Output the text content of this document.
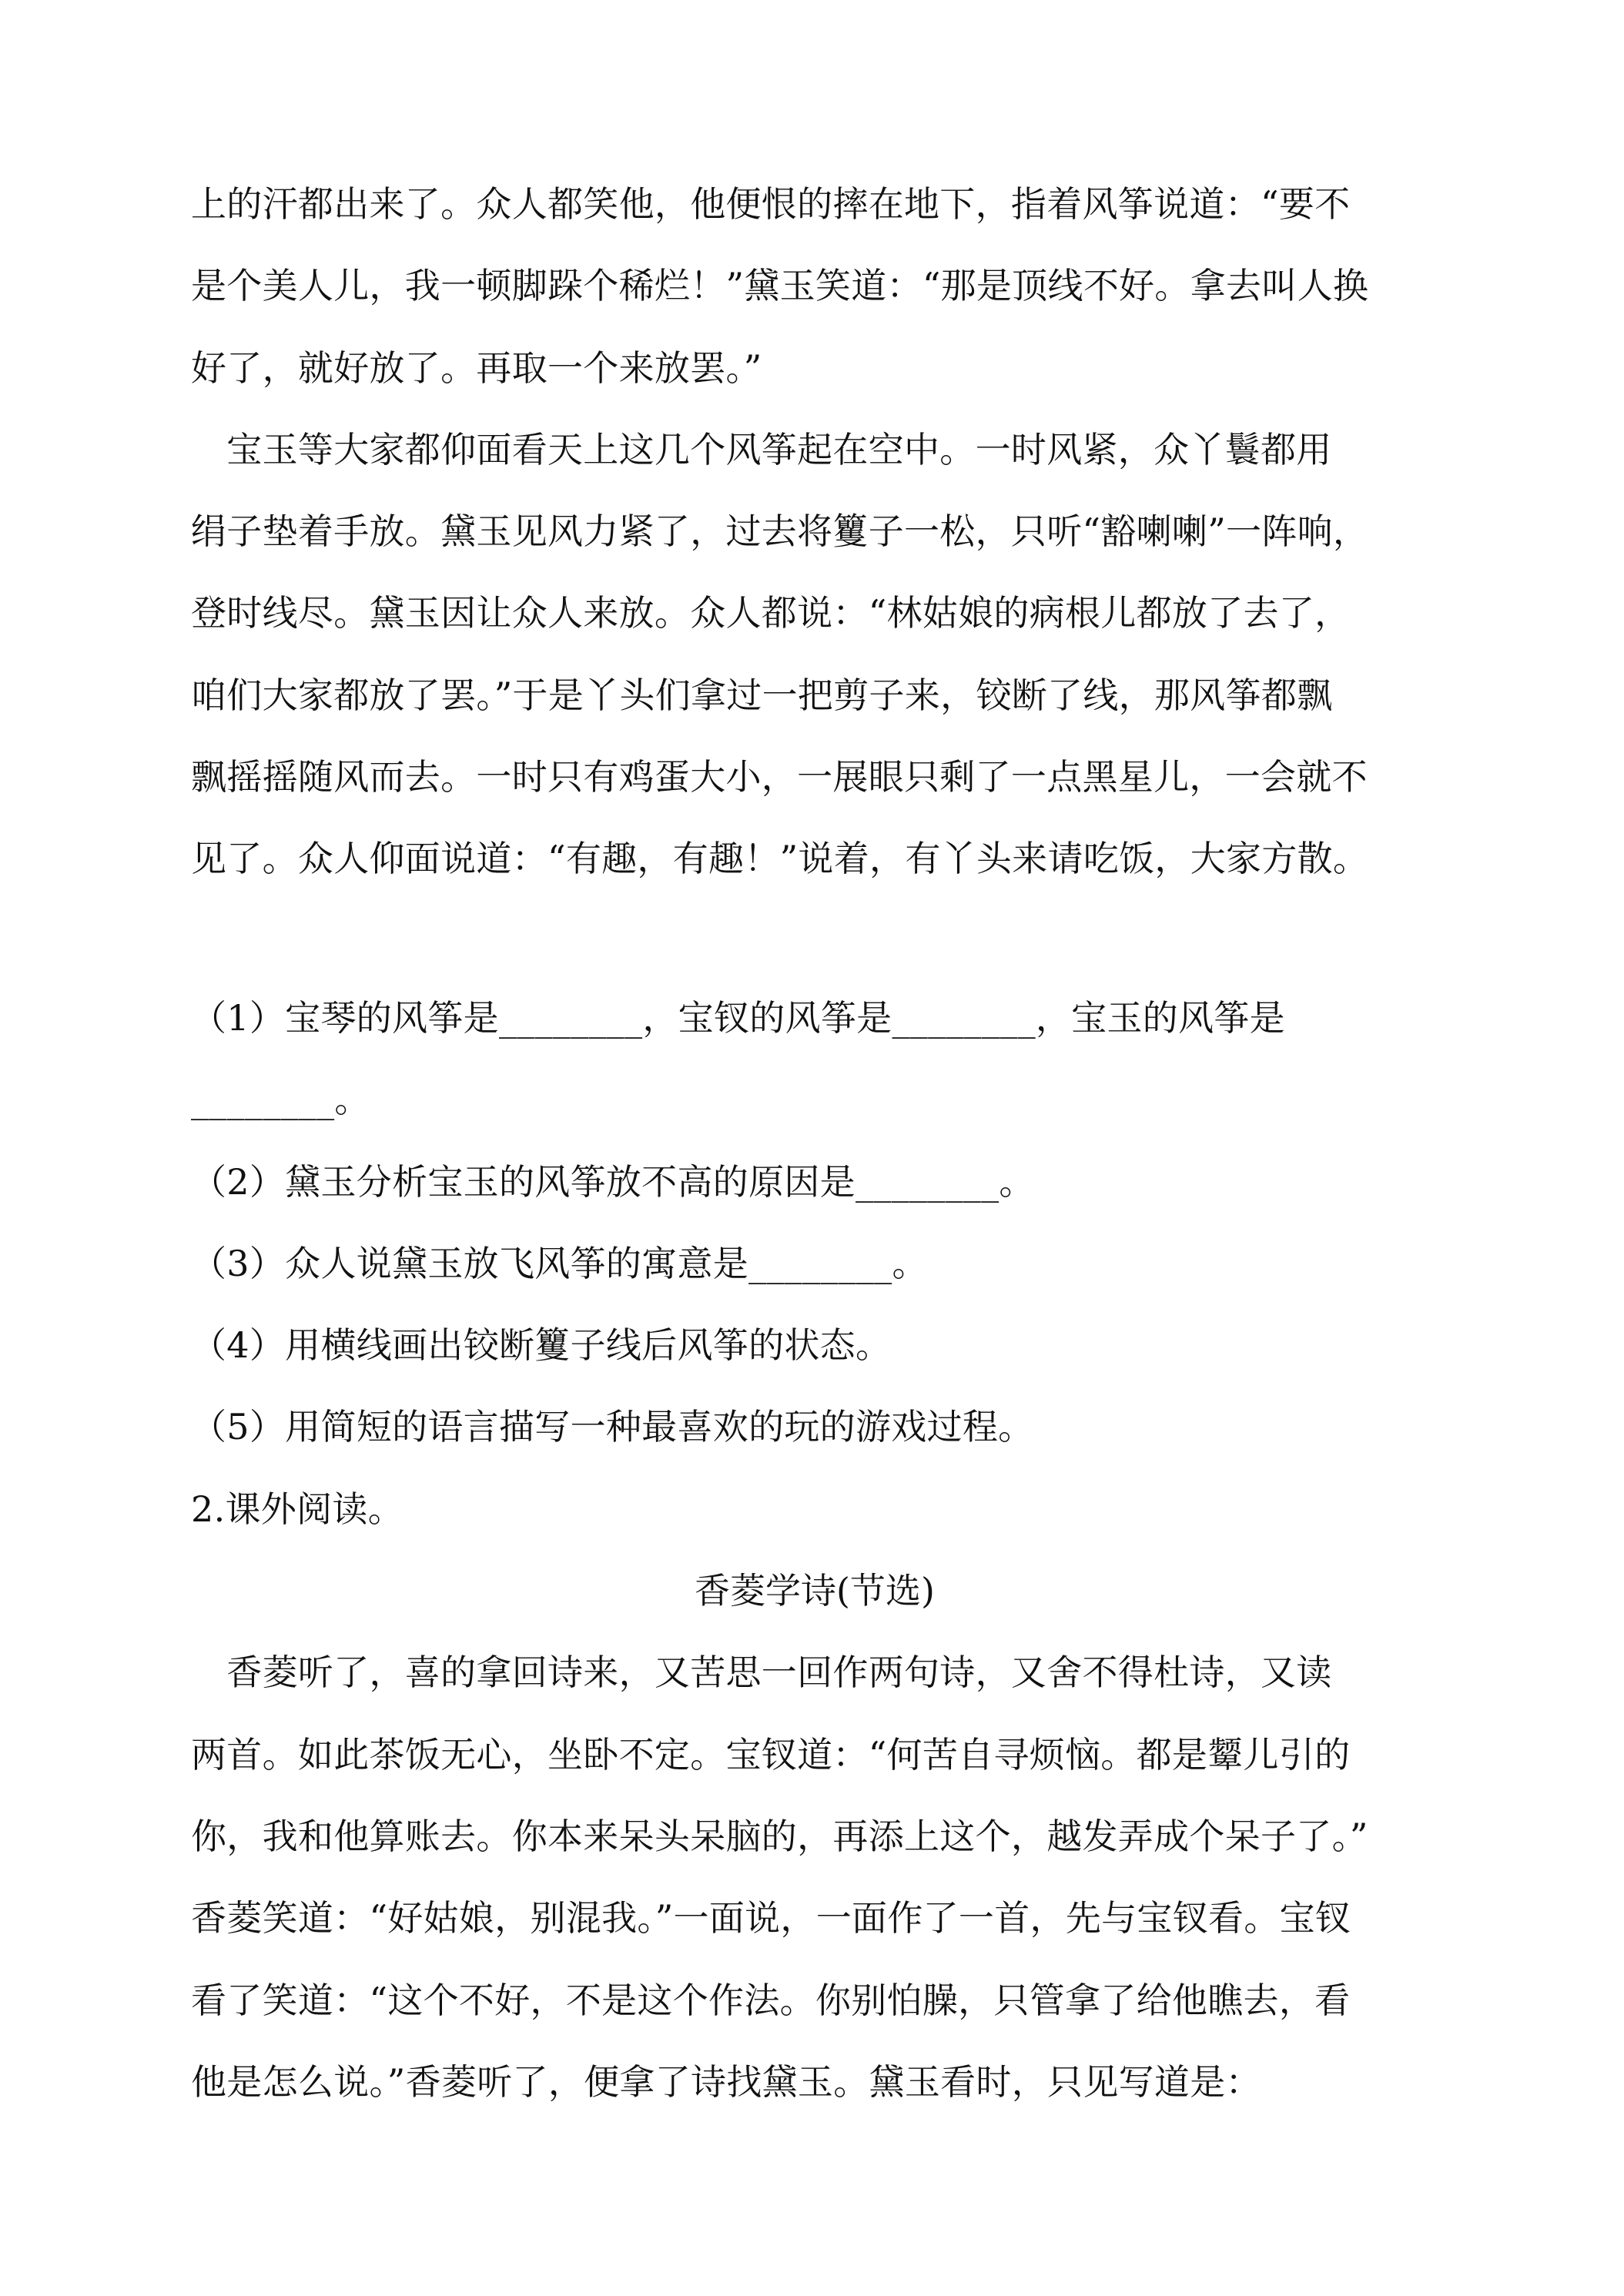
上的汗都出来了。众人都笑他，他便恨的摔在地下，指着风筝说道：“要不
是个美人儿，我一顿脚跺个稀烂！”黛玉笑道：“那是顶线不好。拿去叫人换
好了，就好放了。再取一个来放罢。”
　宝玉等大家都仰面看天上这几个风筝起在空中。一时风紧，众丫鬟都用
绢子垫着手放。黛玉见风力紧了，过去将籰子一松，只听“豁喇喇”一阵响，
登时线尽。黛玉因让众人来放。众人都说：“林姑娘的病根儿都放了去了，
咱们大家都放了罢。”于是丫头们拿过一把剪子来，铰断了线，那风筝都飘
飘摇摇随风而去。一时只有鸡蛋大小，一展眼只剩了一点黑星儿，一会就不
见了。众人仰面说道：“有趣，有趣！”说着，有丫头来请吃饭，大家方散。
（1）宝琴的风筝是________，宝钗的风筝是________，宝玉的风筝是
________。
（2）黛玉分析宝玉的风筝放不高的原因是________。
（3）众人说黛玉放飞风筝的寓意是________。
（4）用横线画出铰断籰子线后风筝的状态。
（5）用简短的语言描写一种最喜欢的玩的游戏过程。
2.课外阅读。
香菱学诗(节选)
　香菱听了，喜的拿回诗来，又苦思一回作两句诗，又舍不得杜诗，又读
两首。如此茶饭无心，坐卧不定。宝钗道：“何苦自寻烦恼。都是颦儿引的
你，我和他算账去。你本来呆头呆脑的，再添上这个，越发弄成个呆子了。”
香菱笑道：“好姑娘，别混我。”一面说，一面作了一首，先与宝钗看。宝钗
看了笑道：“这个不好，不是这个作法。你别怕臊，只管拿了给他瞧去，看
他是怎么说。”香菱听了，便拿了诗找黛玉。黛玉看时，只见写道是：
